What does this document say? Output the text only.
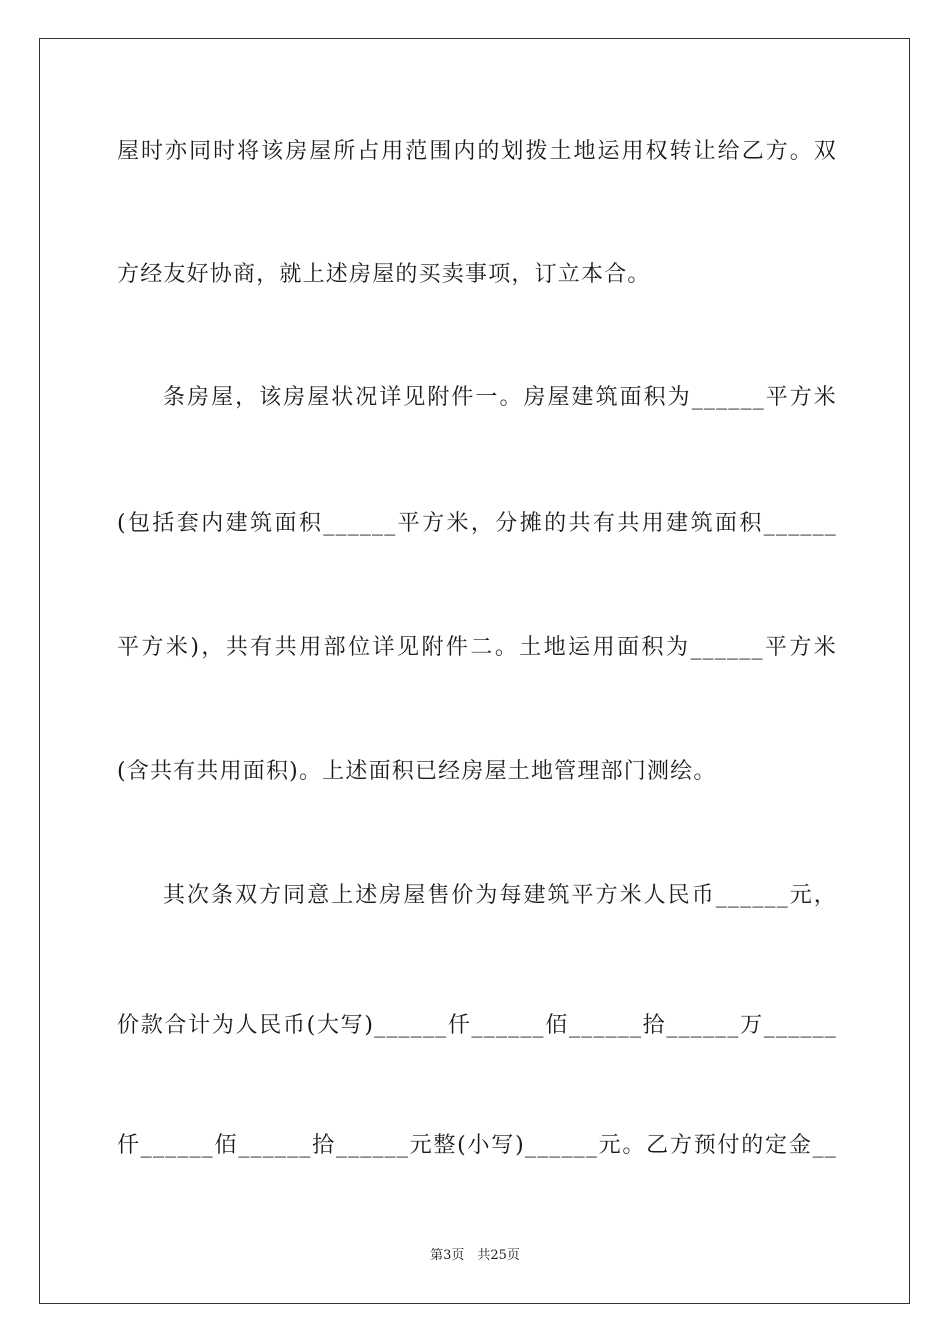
屋时亦同时将该房屋所占用范围内的划拨土地运用权转让给乙方。双
方经友好协商，就上述房屋的买卖事项，订立本合。
条房屋，该房屋状况详见附件一。房屋建筑面积为______平方米
(包括套内建筑面积______平方米，分摊的共有共用建筑面积______
平方米)，共有共用部位详见附件二。土地运用面积为______平方米
(含共有共用面积)。上述面积已经房屋土地管理部门测绘。
其次条双方同意上述房屋售价为每建筑平方米人民币______元，
价款合计为人民币(大写)______仟______佰______拾______万______
仟______佰______拾______元整(小写)______元。乙方预付的定金__
第3页　共25页
